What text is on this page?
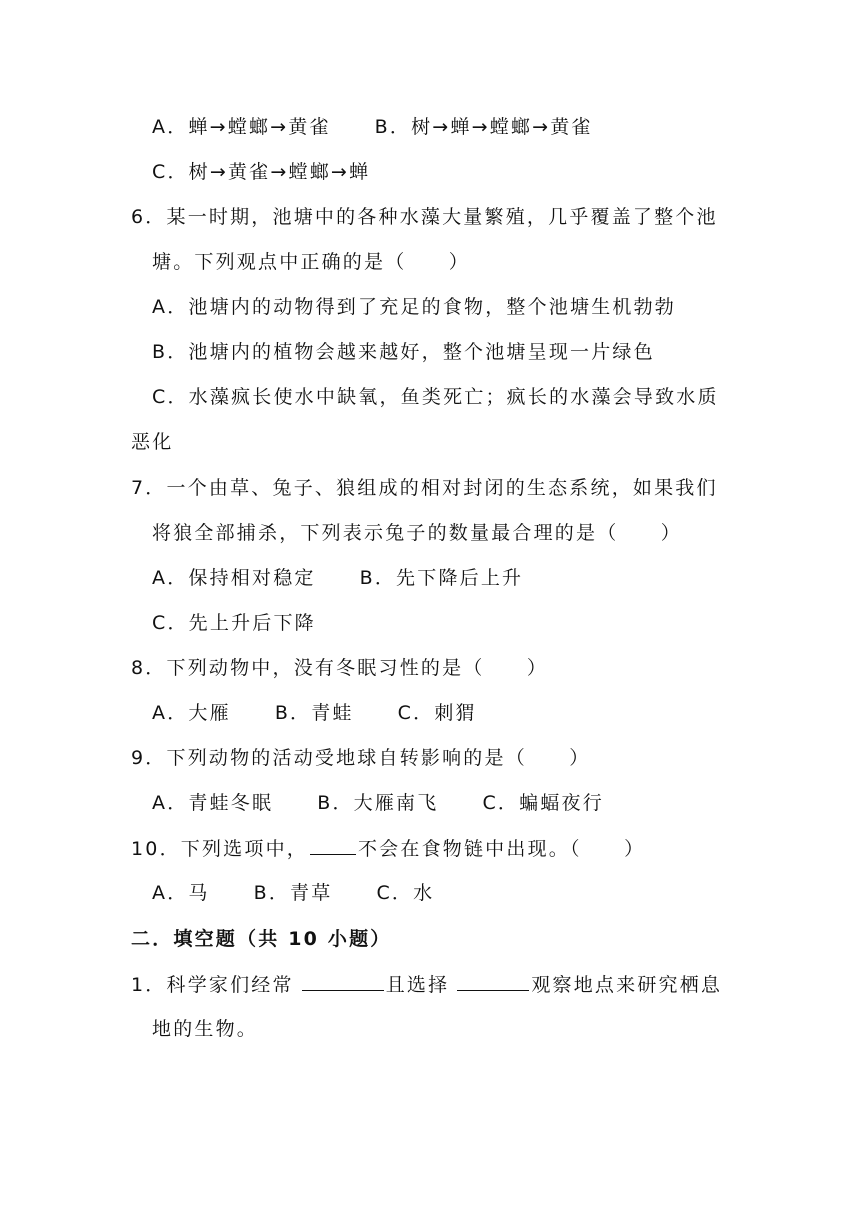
A．蝉→螳螂→黄雀 B．树→蝉→螳螂→黄雀
C．树→黄雀→螳螂→蝉
6．某一时期，池塘中的各种水藻大量繁殖，几乎覆盖了整个池
塘。下列观点中正确的是（　　）
A．池塘内的动物得到了充足的食物，整个池塘生机勃勃
B．池塘内的植物会越来越好，整个池塘呈现一片绿色
C．水藻疯长使水中缺氧，鱼类死亡；疯长的水藻会导致水质
恶化
7．一个由草、兔子、狼组成的相对封闭的生态系统，如果我们
将狼全部捕杀，下列表示兔子的数量最合理的是（　　）
A．保持相对稳定 B．先下降后上升
C．先上升后下降
8．下列动物中，没有冬眠习性的是（　　）
A．大雁 B．青蛙 C．刺猬
9．下列动物的活动受地球自转影响的是（　　）
A．青蛙冬眠 B．大雁南飞 C．蝙蝠夜行
10．下列选项中，	不会在食物链中出现。（　　）
A．马 B．青草 C．水
二．填空题（共 10 小题）
1．科学家们经常	且选择	观察地点来研究栖息
地的生物。
